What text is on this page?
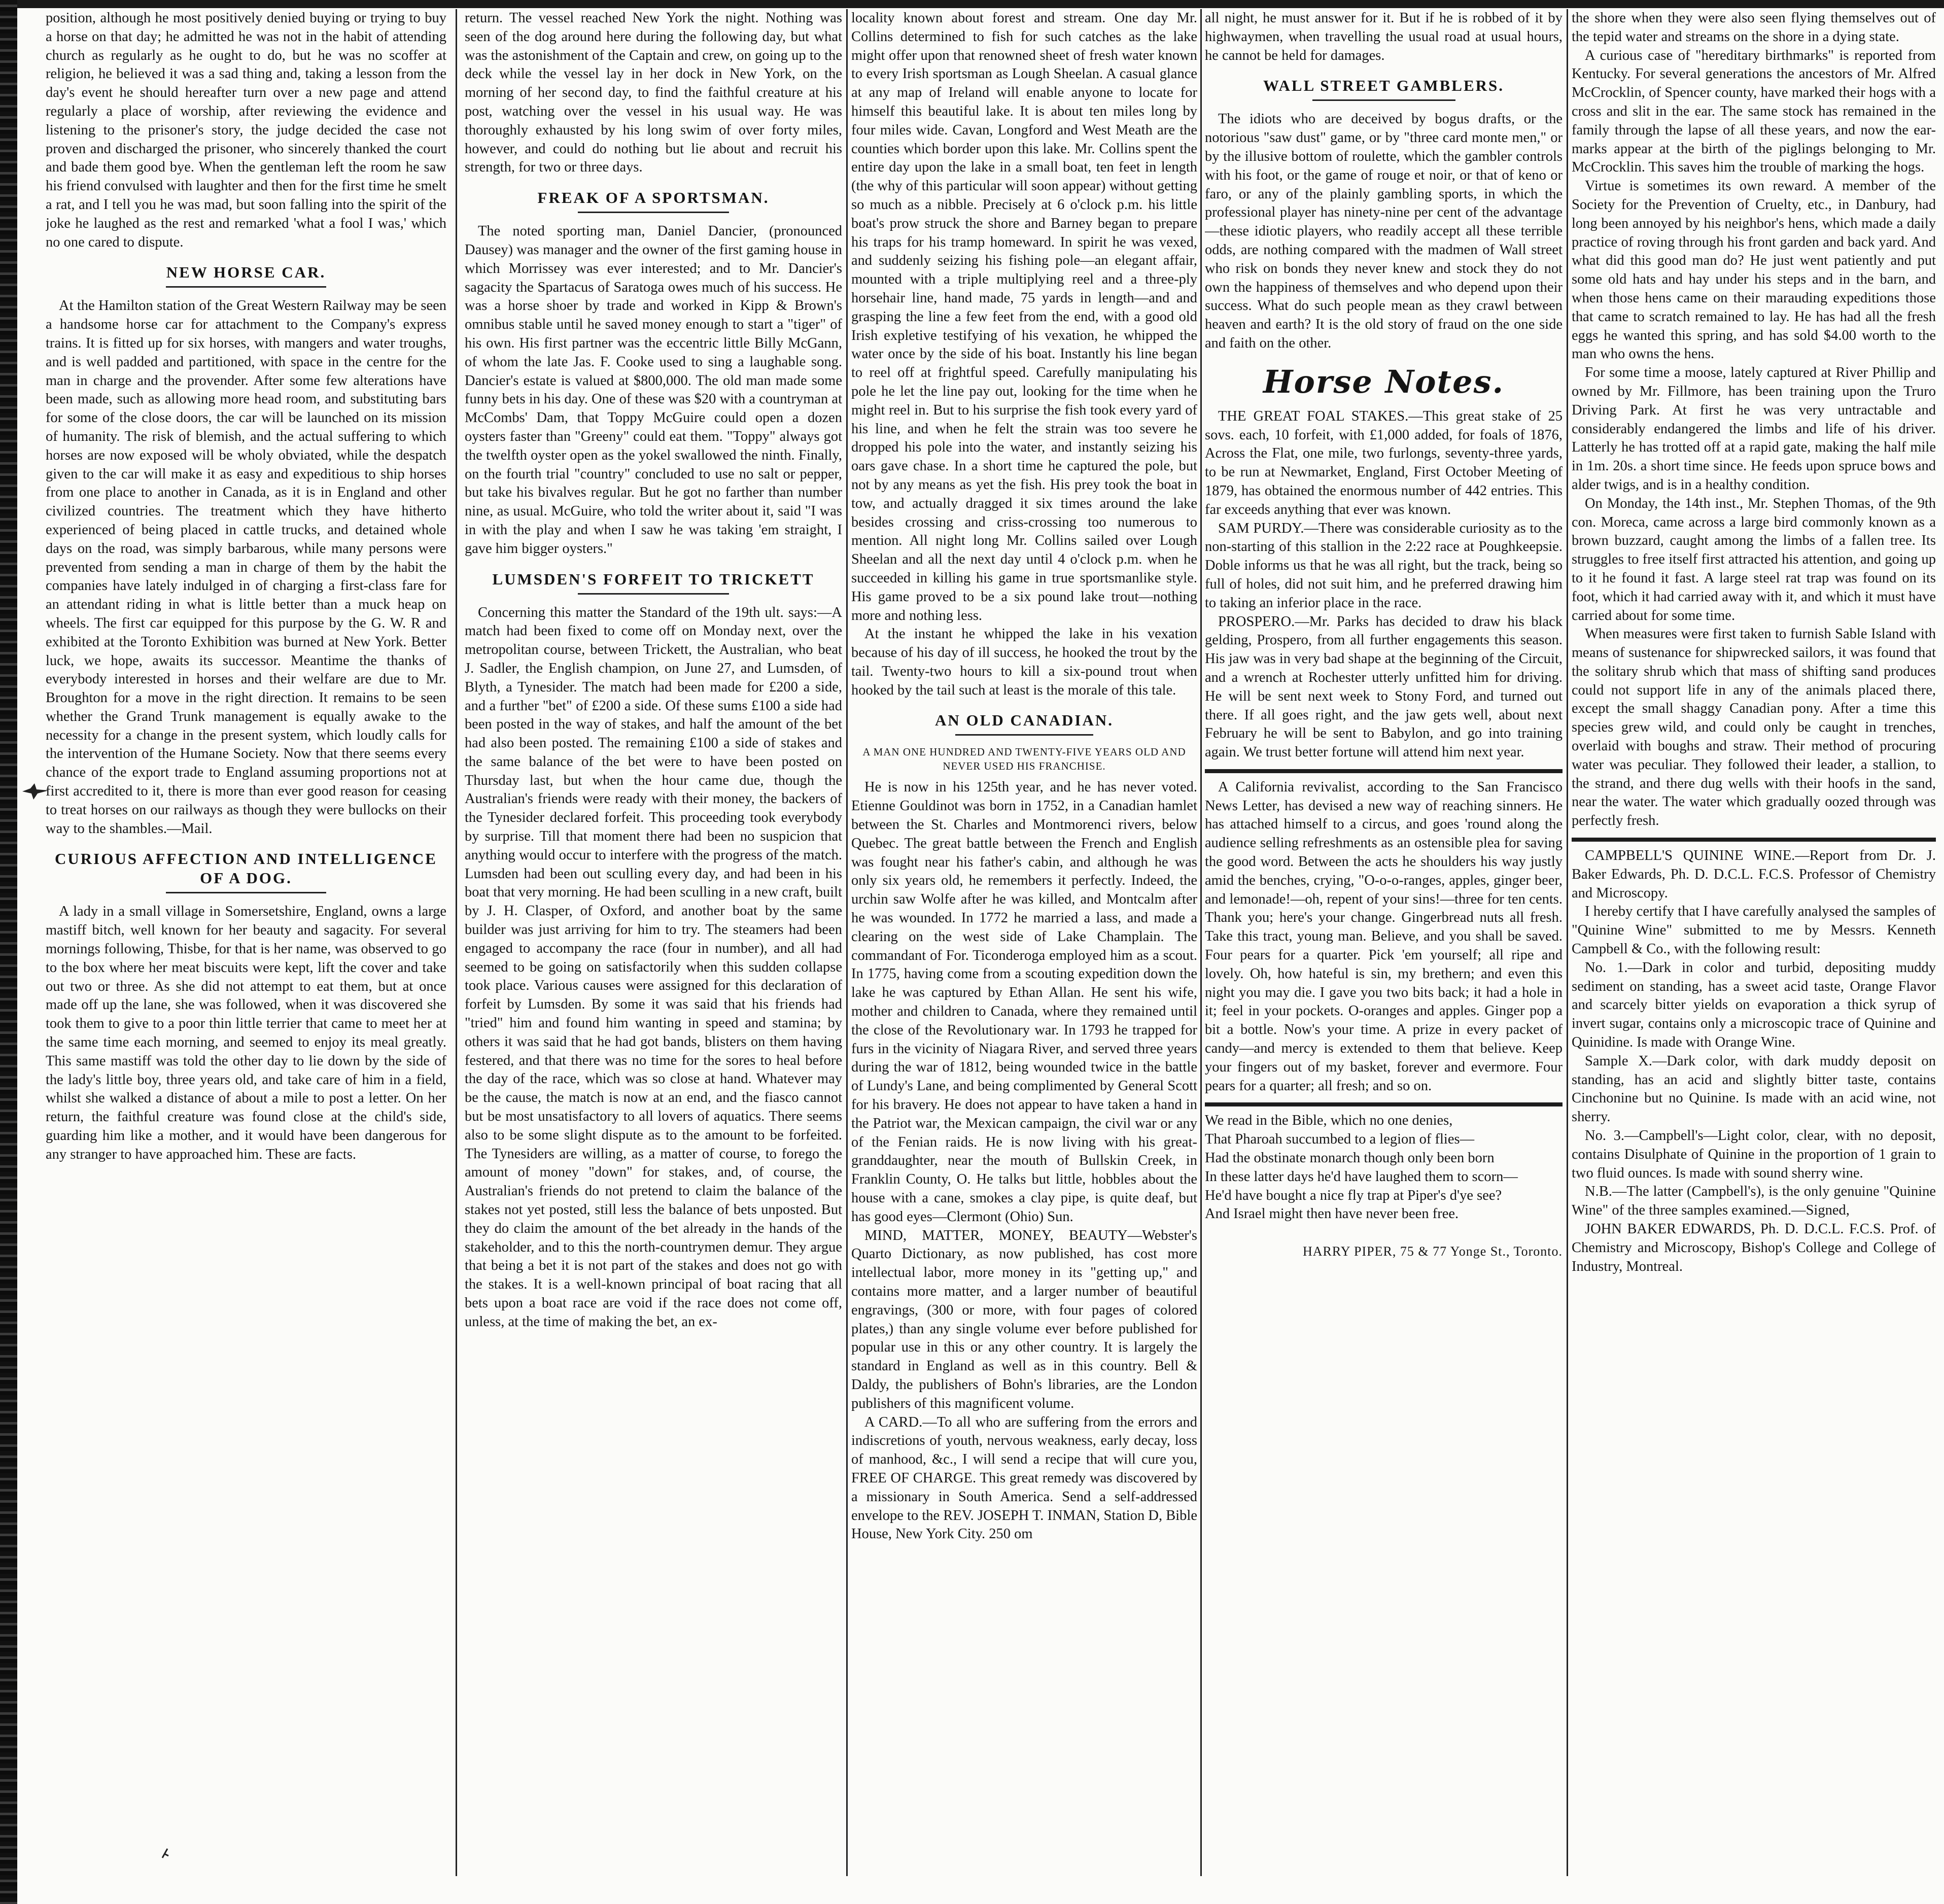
position, although he most positively denied buying or trying to buy a horse on that day; he admitted he was not in the habit of attending church as regularly as he ought to do, but he was no scoffer at religion, he believed it was a sad thing and, taking a lesson from the day's event he should hereafter turn over a new page and attend regularly a place of worship, after reviewing the evidence and listening to the prisoner's story, the judge decided the case not proven and discharged the prisoner, who sincerely thanked the court and bade them good bye. When the gentleman left the room he saw his friend convulsed with laughter and then for the first time he smelt a rat, and I tell you he was mad, but soon falling into the spirit of the joke he laughed as the rest and remarked 'what a fool I was,' which no one cared to dispute.

NEW HORSE CAR.

At the Hamilton station of the Great Western Railway may be seen a handsome horse car for attachment to the Company's express trains. It is fitted up for six horses, with mangers and water troughs, and is well padded and partitioned, with space in the centre for the man in charge and the provender. After some few alterations have been made, such as allowing more head room, and substituting bars for some of the close doors, the car will be launched on its mission of humanity. The risk of blemish, and the actual suffering to which horses are now exposed will be wholy obviated, while the despatch given to the car will make it as easy and expeditious to ship horses from one place to another in Canada, as it is in England and other civilized countries. The treatment which they have hitherto experienced of being placed in cattle trucks, and detained whole days on the road, was simply barbarous, while many persons were prevented from sending a man in charge of them by the habit the companies have lately indulged in of charging a first-class fare for an attendant riding in what is little better than a muck heap on wheels. The first car equipped for this purpose by the G. W. R and exhibited at the Toronto Exhibition was burned at New York. Better luck, we hope, awaits its successor. Meantime the thanks of everybody interested in horses and their welfare are due to Mr. Broughton for a move in the right direction. It remains to be seen whether the Grand Trunk management is equally awake to the necessity for a change in the present system, which loudly calls for the intervention of the Humane Society. Now that there seems every chance of the export trade to England assuming proportions not at first accredited to it, there is more than ever good reason for ceasing to treat horses on our railways as though they were bullocks on their way to the shambles.—Mail.

CURIOUS AFFECTION AND INTELLIGENCE OF A DOG.

A lady in a small village in Somersetshire, England, owns a large mastiff bitch, well known for her beauty and sagacity. For several mornings following, Thisbe, for that is her name, was observed to go to the box where her meat biscuits were kept, lift the cover and take out two or three. As she did not attempt to eat them, but at once made off up the lane, she was followed, when it was discovered she took them to give to a poor thin little terrier that came to meet her at the same time each morning, and seemed to enjoy its meal greatly. This same mastiff was told the other day to lie down by the side of the lady's little boy, three years old, and take care of him in a field, whilst she walked a distance of about a mile to post a letter. On her return, the faithful creature was found close at the child's side, guarding him like a mother, and it would have been dangerous for any stranger to have approached him. These are facts.

return. The vessel reached New York the night. Nothing was seen of the dog around here during the following day, but what was the astonishment of the Captain and crew, on going up to the deck while the vessel lay in her dock in New York, on the morning of her second day, to find the faithful creature at his post, watching over the vessel in his usual way. He was thoroughly exhausted by his long swim of over forty miles, however, and could do nothing but lie about and recruit his strength, for two or three days.

FREAK OF A SPORTSMAN.

The noted sporting man, Daniel Dancier, (pronounced Dausey) was manager and the owner of the first gaming house in which Morrissey was ever interested; and to Mr. Dancier's sagacity the Spartacus of Saratoga owes much of his success. He was a horse shoer by trade and worked in Kipp & Brown's omnibus stable until he saved money enough to start a "tiger" of his own. His first partner was the eccentric little Billy McGann, of whom the late Jas. F. Cooke used to sing a laughable song. Dancier's estate is valued at $800,000. The old man made some funny bets in his day. One of these was $20 with a countryman at McCombs' Dam, that Toppy McGuire could open a dozen oysters faster than "Greeny" could eat them. "Toppy" always got the twelfth oyster open as the yokel swallowed the ninth. Finally, on the fourth trial "country" concluded to use no salt or pepper, but take his bivalves regular. But he got no farther than number nine, as usual. McGuire, who told the writer about it, said "I was in with the play and when I saw he was taking 'em straight, I gave him bigger oysters."

LUMSDEN'S FORFEIT TO TRICKETT

Concerning this matter the Standard of the 19th ult. says:—A match had been fixed to come off on Monday next, over the metropolitan course, between Trickett, the Australian, who beat J. Sadler, the English champion, on June 27, and Lumsden, of Blyth, a Tynesider. The match had been made for £200 a side, and a further "bet" of £200 a side. Of these sums £100 a side had been posted in the way of stakes, and half the amount of the bet had also been posted. The remaining £100 a side of stakes and the same balance of the bet were to have been posted on Thursday last, but when the hour came due, though the Australian's friends were ready with their money, the backers of the Tynesider declared forfeit. This proceeding took everybody by surprise. Till that moment there had been no suspicion that anything would occur to interfere with the progress of the match. Lumsden had been out sculling every day, and had been in his boat that very morning. He had been sculling in a new craft, built by J. H. Clasper, of Oxford, and another boat by the same builder was just arriving for him to try. The steamers had been engaged to accompany the race (four in number), and all had seemed to be going on satisfactorily when this sudden collapse took place. Various causes were assigned for this declaration of forfeit by Lumsden. By some it was said that his friends had "tried" him and found him wanting in speed and stamina; by others it was said that he had got bands, blisters on them having festered, and that there was no time for the sores to heal before the day of the race, which was so close at hand. Whatever may be the cause, the match is now at an end, and the fiasco cannot but be most unsatisfactory to all lovers of aquatics. There seems also to be some slight dispute as to the amount to be forfeited. The Tynesiders are willing, as a matter of course, to forego the amount of money "down" for stakes, and, of course, the Australian's friends do not pretend to claim the balance of the stakes not yet posted, still less the balance of bets unposted. But they do claim the amount of the bet already in the hands of the stakeholder, and to this the north-countrymen demur. They argue that being a bet it is not part of the stakes and does not go with the stakes. It is a well-known principal of boat racing that all bets upon a boat race are void if the race does not come off, unless, at the time of making the bet, an ex-

locality known about forest and stream. One day Mr. Collins determined to fish for such catches as the lake might offer upon that renowned sheet of fresh water known to every Irish sportsman as Lough Sheelan. A casual glance at any map of Ireland will enable anyone to locate for himself this beautiful lake. It is about ten miles long by four miles wide. Cavan, Longford and West Meath are the counties which border upon this lake. Mr. Collins spent the entire day upon the lake in a small boat, ten feet in length (the why of this particular will soon appear) without getting so much as a nibble. Precisely at 6 o'clock p.m. his little boat's prow struck the shore and Barney began to prepare his traps for his tramp homeward. In spirit he was vexed, and suddenly seizing his fishing pole—an elegant affair, mounted with a triple multiplying reel and a three-ply horsehair line, hand made, 75 yards in length—and and grasping the line a few feet from the end, with a good old Irish expletive testifying of his vexation, he whipped the water once by the side of his boat. Instantly his line began to reel off at frightful speed. Carefully manipulating his pole he let the line pay out, looking for the time when he might reel in. But to his surprise the fish took every yard of his line, and when he felt the strain was too severe he dropped his pole into the water, and instantly seizing his oars gave chase. In a short time he captured the pole, but not by any means as yet the fish. His prey took the boat in tow, and actually dragged it six times around the lake besides crossing and criss-crossing too numerous to mention. All night long Mr. Collins sailed over Lough Sheelan and all the next day until 4 o'clock p.m. when he succeeded in killing his game in true sportsmanlike style. His game proved to be a six pound lake trout—nothing more and nothing less.

At the instant he whipped the lake in his vexation because of his day of ill success, he hooked the trout by the tail. Twenty-two hours to kill a six-pound trout when hooked by the tail such at least is the morale of this tale.

AN OLD CANADIAN.
A MAN ONE HUNDRED AND TWENTY-FIVE YEARS OLD AND NEVER USED HIS FRANCHISE.

He is now in his 125th year, and he has never voted. Etienne Gouldinot was born in 1752, in a Canadian hamlet between the St. Charles and Montmorenci rivers, below Quebec. The great battle between the French and English was fought near his father's cabin, and although he was only six years old, he remembers it perfectly. Indeed, the urchin saw Wolfe after he was killed, and Montcalm after he was wounded. In 1772 he married a lass, and made a clearing on the west side of Lake Champlain. The commandant of For. Ticonderoga employed him as a scout. In 1775, having come from a scouting expedition down the lake he was captured by Ethan Allan. He sent his wife, mother and children to Canada, where they remained until the close of the Revolutionary war. In 1793 he trapped for furs in the vicinity of Niagara River, and served three years during the war of 1812, being wounded twice in the battle of Lundy's Lane, and being complimented by General Scott for his bravery. He does not appear to have taken a hand in the Patriot war, the Mexican campaign, the civil war or any of the Fenian raids. He is now living with his great-granddaughter, near the mouth of Bullskin Creek, in Franklin County, O. He talks but little, hobbles about the house with a cane, smokes a clay pipe, is quite deaf, but has good eyes—Clermont (Ohio) Sun.

MIND, MATTER, MONEY, BEAUTY—Webster's Quarto Dictionary, as now published, has cost more intellectual labor, more money in its "getting up," and contains more matter, and a larger number of beautiful engravings, (300 or more, with four pages of colored plates,) than any single volume ever before published for popular use in this or any other country. It is largely the standard in England as well as in this country. Bell & Daldy, the publishers of Bohn's libraries, are the London publishers of this magnificent volume.

A CARD.—To all who are suffering from the errors and indiscretions of youth, nervous weakness, early decay, loss of manhood, &c., I will send a recipe that will cure you, FREE OF CHARGE. This great remedy was discovered by a missionary in South America. Send a self-addressed envelope to the REV. JOSEPH T. INMAN, Station D, Bible House, New York City. 250 om

all night, he must answer for it. But if he is robbed of it by highwaymen, when travelling the usual road at usual hours, he cannot be held for damages.

WALL STREET GAMBLERS.

The idiots who are deceived by bogus drafts, or the notorious "saw dust" game, or by "three card monte men," or by the illusive bottom of roulette, which the gambler controls with his foot, or the game of rouge et noir, or that of keno or faro, or any of the plainly gambling sports, in which the professional player has ninety-nine per cent of the advantage—these idiotic players, who readily accept all these terrible odds, are nothing compared with the madmen of Wall street who risk on bonds they never knew and stock they do not own the happiness of themselves and who depend upon their success. What do such people mean as they crawl between heaven and earth? It is the old story of fraud on the one side and faith on the other.

Horse Notes.

THE GREAT FOAL STAKES.—This great stake of 25 sovs. each, 10 forfeit, with £1,000 added, for foals of 1876, Across the Flat, one mile, two furlongs, seventy-three yards, to be run at Newmarket, England, First October Meeting of 1879, has obtained the enormous number of 442 entries. This far exceeds anything that ever was known.

SAM PURDY.—There was considerable curiosity as to the non-starting of this stallion in the 2:22 race at Poughkeepsie. Doble informs us that he was all right, but the track, being so full of holes, did not suit him, and he preferred drawing him to taking an inferior place in the race.

PROSPERO.—Mr. Parks has decided to draw his black gelding, Prospero, from all further engagements this season. His jaw was in very bad shape at the beginning of the Circuit, and a wrench at Rochester utterly unfitted him for driving. He will be sent next week to Stony Ford, and turned out there. If all goes right, and the jaw gets well, about next February he will be sent to Babylon, and go into training again. We trust better fortune will attend him next year.

A California revivalist, according to the San Francisco News Letter, has devised a new way of reaching sinners. He has attached himself to a circus, and goes 'round along the audience selling refreshments as an ostensible plea for saving the good word. Between the acts he shoulders his way justly amid the benches, crying, "O-o-o-ranges, apples, ginger beer, and lemonade!—oh, repent of your sins!—three for ten cents. Thank you; here's your change. Gingerbread nuts all fresh. Take this tract, young man. Believe, and you shall be saved. Four pears for a quarter. Pick 'em yourself; all ripe and lovely. Oh, how hateful is sin, my brethern; and even this night you may die. I gave you two bits back; it had a hole in it; feel in your pockets. O-oranges and apples. Ginger pop a bit a bottle. Now's your time. A prize in every packet of candy—and mercy is extended to them that believe. Keep your fingers out of my basket, forever and evermore. Four pears for a quarter; all fresh; and so on.

We read in the Bible, which no one denies,
That Pharoah succumbed to a legion of flies—
Had the obstinate monarch though only been born
In these latter days he'd have laughed them to scorn—
He'd have bought a nice fly trap at Piper's d'ye see?
And Israel might then have never been free.
HARRY PIPER, 75 & 77 Yonge St., Toronto.

the shore when they were also seen flying themselves out of the tepid water and streams on the shore in a dying state.

A curious case of "hereditary birthmarks" is reported from Kentucky. For several generations the ancestors of Mr. Alfred McCrocklin, of Spencer county, have marked their hogs with a cross and slit in the ear. The same stock has remained in the family through the lapse of all these years, and now the ear-marks appear at the birth of the piglings belonging to Mr. McCrocklin. This saves him the trouble of marking the hogs.

Virtue is sometimes its own reward. A member of the Society for the Prevention of Cruelty, etc., in Danbury, had long been annoyed by his neighbor's hens, which made a daily practice of roving through his front garden and back yard. And what did this good man do? He just went patiently and put some old hats and hay under his steps and in the barn, and when those hens came on their marauding expeditions those that came to scratch remained to lay. He has had all the fresh eggs he wanted this spring, and has sold $4.00 worth to the man who owns the hens.

For some time a moose, lately captured at River Phillip and owned by Mr. Fillmore, has been training upon the Truro Driving Park. At first he was very untractable and considerably endangered the limbs and life of his driver. Latterly he has trotted off at a rapid gate, making the half mile in 1m. 20s. a short time since. He feeds upon spruce bows and alder twigs, and is in a healthy condition.

On Monday, the 14th inst., Mr. Stephen Thomas, of the 9th con. Moreca, came across a large bird commonly known as a brown buzzard, caught among the limbs of a fallen tree. Its struggles to free itself first attracted his attention, and going up to it he found it fast. A large steel rat trap was found on its foot, which it had carried away with it, and which it must have carried about for some time.

When measures were first taken to furnish Sable Island with means of sustenance for shipwrecked sailors, it was found that the solitary shrub which that mass of shifting sand produces could not support life in any of the animals placed there, except the small shaggy Canadian pony. After a time this species grew wild, and could only be caught in trenches, overlaid with boughs and straw. Their method of procuring water was peculiar. They followed their leader, a stallion, to the strand, and there dug wells with their hoofs in the sand, near the water. The water which gradually oozed through was perfectly fresh.

CAMPBELL'S QUININE WINE.—Report from Dr. J. Baker Edwards, Ph. D. D.C.L. F.C.S. Professor of Chemistry and Microscopy.

I hereby certify that I have carefully analysed the samples of "Quinine Wine" submitted to me by Messrs. Kenneth Campbell & Co., with the following result:

No. 1.—Dark in color and turbid, depositing muddy sediment on standing, has a sweet acid taste, Orange Flavor and scarcely bitter yields on evaporation a thick syrup of invert sugar, contains only a microscopic trace of Quinine and Quinidine. Is made with Orange Wine.

Sample X.—Dark color, with dark muddy deposit on standing, has an acid and slightly bitter taste, contains Cinchonine but no Quinine. Is made with an acid wine, not sherry.

No. 3.—Campbell's—Light color, clear, with no deposit, contains Disulphate of Quinine in the proportion of 1 grain to two fluid ounces. Is made with sound sherry wine.

N.B.—The latter (Campbell's), is the only genuine "Quinine Wine" of the three samples examined.—Signed,

JOHN BAKER EDWARDS, Ph. D. D.C.L. F.C.S. Prof. of Chemistry and Microscopy, Bishop's College and College of Industry, Montreal.
